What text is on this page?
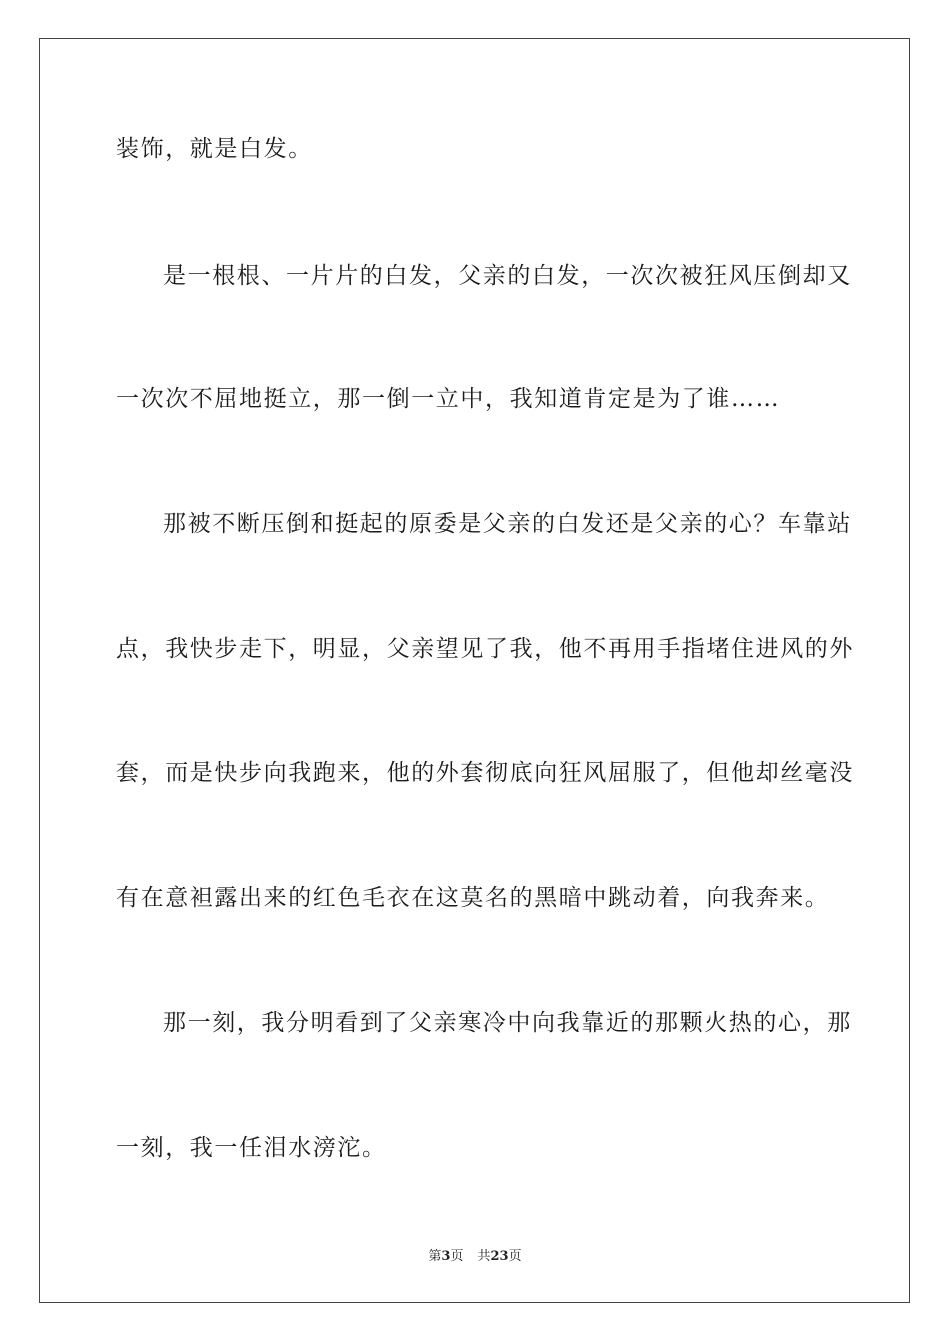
装饰，就是白发。
是一根根、一片片的白发，父亲的白发，一次次被狂风压倒却又
一次次不屈地挺立，那一倒一立中，我知道肯定是为了谁……
那被不断压倒和挺起的原委是父亲的白发还是父亲的心？车靠站
点，我快步走下，明显，父亲望见了我，他不再用手指堵住进风的外
套，而是快步向我跑来，他的外套彻底向狂风屈服了，但他却丝毫没
有在意袒露出来的红色毛衣在这莫名的黑暗中跳动着，向我奔来。
那一刻，我分明看到了父亲寒冷中向我靠近的那颗火热的心，那
一刻，我一任泪水滂沱。
第3页 共23页
